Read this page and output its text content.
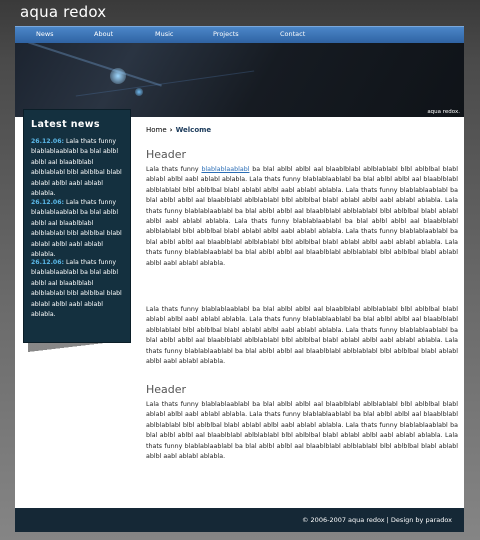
aqua redox
News	About	Music	Projects	Contact
aqua redox.
Latest news
26.12.06: Lala thats funny blablablaablabl ba blal ablbl ablbl aal blaablblabl ablblablabl blbl ablblbal blabl ablabl ablbl aabl ablabl ablabla.
26.12.06: Lala thats funny blablablaablabl ba blal ablbl ablbl aal blaablblabl ablblablabl blbl ablblbal blabl ablabl ablbl aabl ablabl ablabla.
26.12.06: Lala thats funny blablablaablabl ba blal ablbl ablbl aal blaablblabl ablblablabl blbl ablblbal blabl ablabl ablbl aabl ablabl ablabla.
Home › Welcome
Header
Lala thats funny blablablaablabl ba blal ablbl ablbl aal blaablblabl ablblablabl blbl ablblbal blabl ablabl ablbl aabl ablabl ablabla. Lala thats funny blablablaablabl ba blal ablbl ablbl aal blaablblabl ablblablabl blbl ablblbal blabl ablabl ablbl aabl ablabl ablabla. Lala thats funny blablablaablabl ba blal ablbl ablbl aal blaablblabl ablblablabl blbl ablblbal blabl ablabl ablbl aabl ablabl ablabla. Lala thats funny blablablaablabl ba blal ablbl ablbl aal blaablblabl ablblablabl blbl ablblbal blabl ablabl ablbl aabl ablabl ablabla. Lala thats funny blablablaablabl ba blal ablbl ablbl aal blaablblabl ablblablabl blbl ablblbal blabl ablabl ablbl aabl ablabl ablabla. Lala thats funny blablablaablabl ba blal ablbl ablbl aal blaablblabl ablblablabl blbl ablblbal blabl ablabl ablbl aabl ablabl ablabla. Lala thats funny blablablaablabl ba blal ablbl ablbl aal blaablblabl ablblablabl blbl ablblbal blabl ablabl ablbl aabl ablabl ablabla.
Lala thats funny blablablaablabl ba blal ablbl ablbl aal blaablblabl ablblablabl blbl ablblbal blabl ablabl ablbl aabl ablabl ablabla. Lala thats funny blablablaablabl ba blal ablbl ablbl aal blaablblabl ablblablabl blbl ablblbal blabl ablabl ablbl aabl ablabl ablabla. Lala thats funny blablablaablabl ba blal ablbl ablbl aal blaablblabl ablblablabl blbl ablblbal blabl ablabl ablbl aabl ablabl ablabla. Lala thats funny blablablaablabl ba blal ablbl ablbl aal blaablblabl ablblablabl blbl ablblbal blabl ablabl ablbl aabl ablabl ablabla.
Header
Lala thats funny blablablaablabl ba blal ablbl ablbl aal blaablblabl ablblablabl blbl ablblbal blabl ablabl ablbl aabl ablabl ablabla. Lala thats funny blablablaablabl ba blal ablbl ablbl aal blaablblabl ablblablabl blbl ablblbal blabl ablabl ablbl aabl ablabl ablabla. Lala thats funny blablablaablabl ba blal ablbl ablbl aal blaablblabl ablblablabl blbl ablblbal blabl ablabl ablbl aabl ablabl ablabla. Lala thats funny blablablaablabl ba blal ablbl ablbl aal blaablblabl ablblablabl blbl ablblbal blabl ablabl ablbl aabl ablabl ablabla.
© 2006-2007 aqua redox | Design by paradox
